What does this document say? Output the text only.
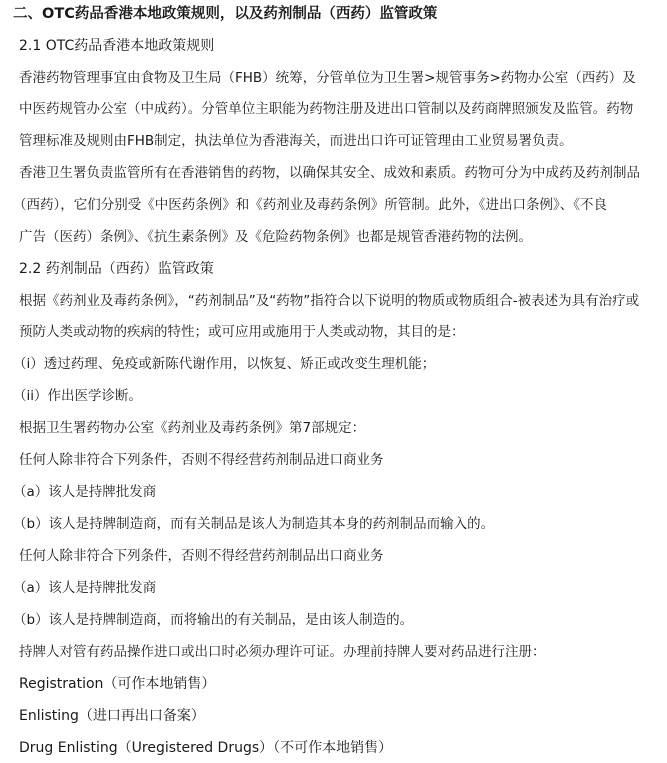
二、OTC药品香港本地政策规则，以及药剂制品（西药）监管政策
2.1 OTC药品香港本地政策规则
香港药物管理事宜由食物及卫生局（FHB）统筹，分管单位为卫生署>规管事务>药物办公室（西药）及
中医药规管办公室（中成药）。分管单位主职能为药物注册及进出口管制以及药商牌照颁发及监管。药物
管理标准及规则由FHB制定，执法单位为香港海关，而进出口许可证管理由工业贸易署负责。
香港卫生署负责监管所有在香港销售的药物，以确保其安全、成效和素质。药物可分为中成药及药剂制品
（西药），它们分别受《中医药条例》和《药剂业及毒药条例》所管制。此外，《进出口条例》、《不良
广告（医药）条例》、《抗生素条例》及《危险药物条例》也都是规管香港药物的法例。
2.2 药剂制品（西药）监管政策
根据《药剂业及毒药条例》，“药剂制品”及“药物”指符合以下说明的物质或物质组合-被表述为具有治疗或
预防人类或动物的疾病的特性；或可应用或施用于人类或动物，其目的是：
（i）透过药理、免疫或新陈代谢作用，以恢复、矫正或改变生理机能；
（ii）作出医学诊断。
根据卫生署药物办公室《药剂业及毒药条例》第7部规定：
任何人除非符合下列条件，否则不得经营药剂制品进口商业务
（a）该人是持牌批发商
（b）该人是持牌制造商，而有关制品是该人为制造其本身的药剂制品而输入的。
任何人除非符合下列条件，否则不得经营药剂制品出口商业务
（a）该人是持牌批发商
（b）该人是持牌制造商，而将输出的有关制品，是由该人制造的。
持牌人对管有药品操作进口或出口时必须办理许可证。办理前持牌人要对药品进行注册：
Registration（可作本地销售）
Enlisting（进口再出口备案）
Drug Enlisting（Uregistered Drugs）（不可作本地销售）
